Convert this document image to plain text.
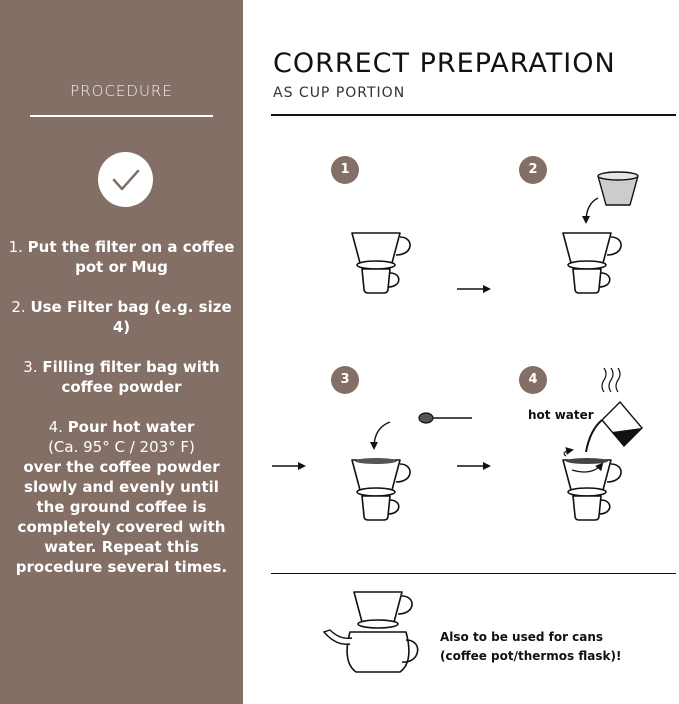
PROCEDURE
1. Put the filter on a coffee pot or Mug
2. Use Filter bag (e.g. size 4)
3. Filling filter bag with coffee powder
4. Pour hot water
(Ca. 95° C / 203° F)
over the coffee powder slowly and evenly until the ground coffee is completely covered with water. Repeat this procedure several times.
CORRECT PREPARATION
AS CUP PORTION
1	2
3	4
hot water
Also to be used for cans
(coffee pot/thermos flask)!
